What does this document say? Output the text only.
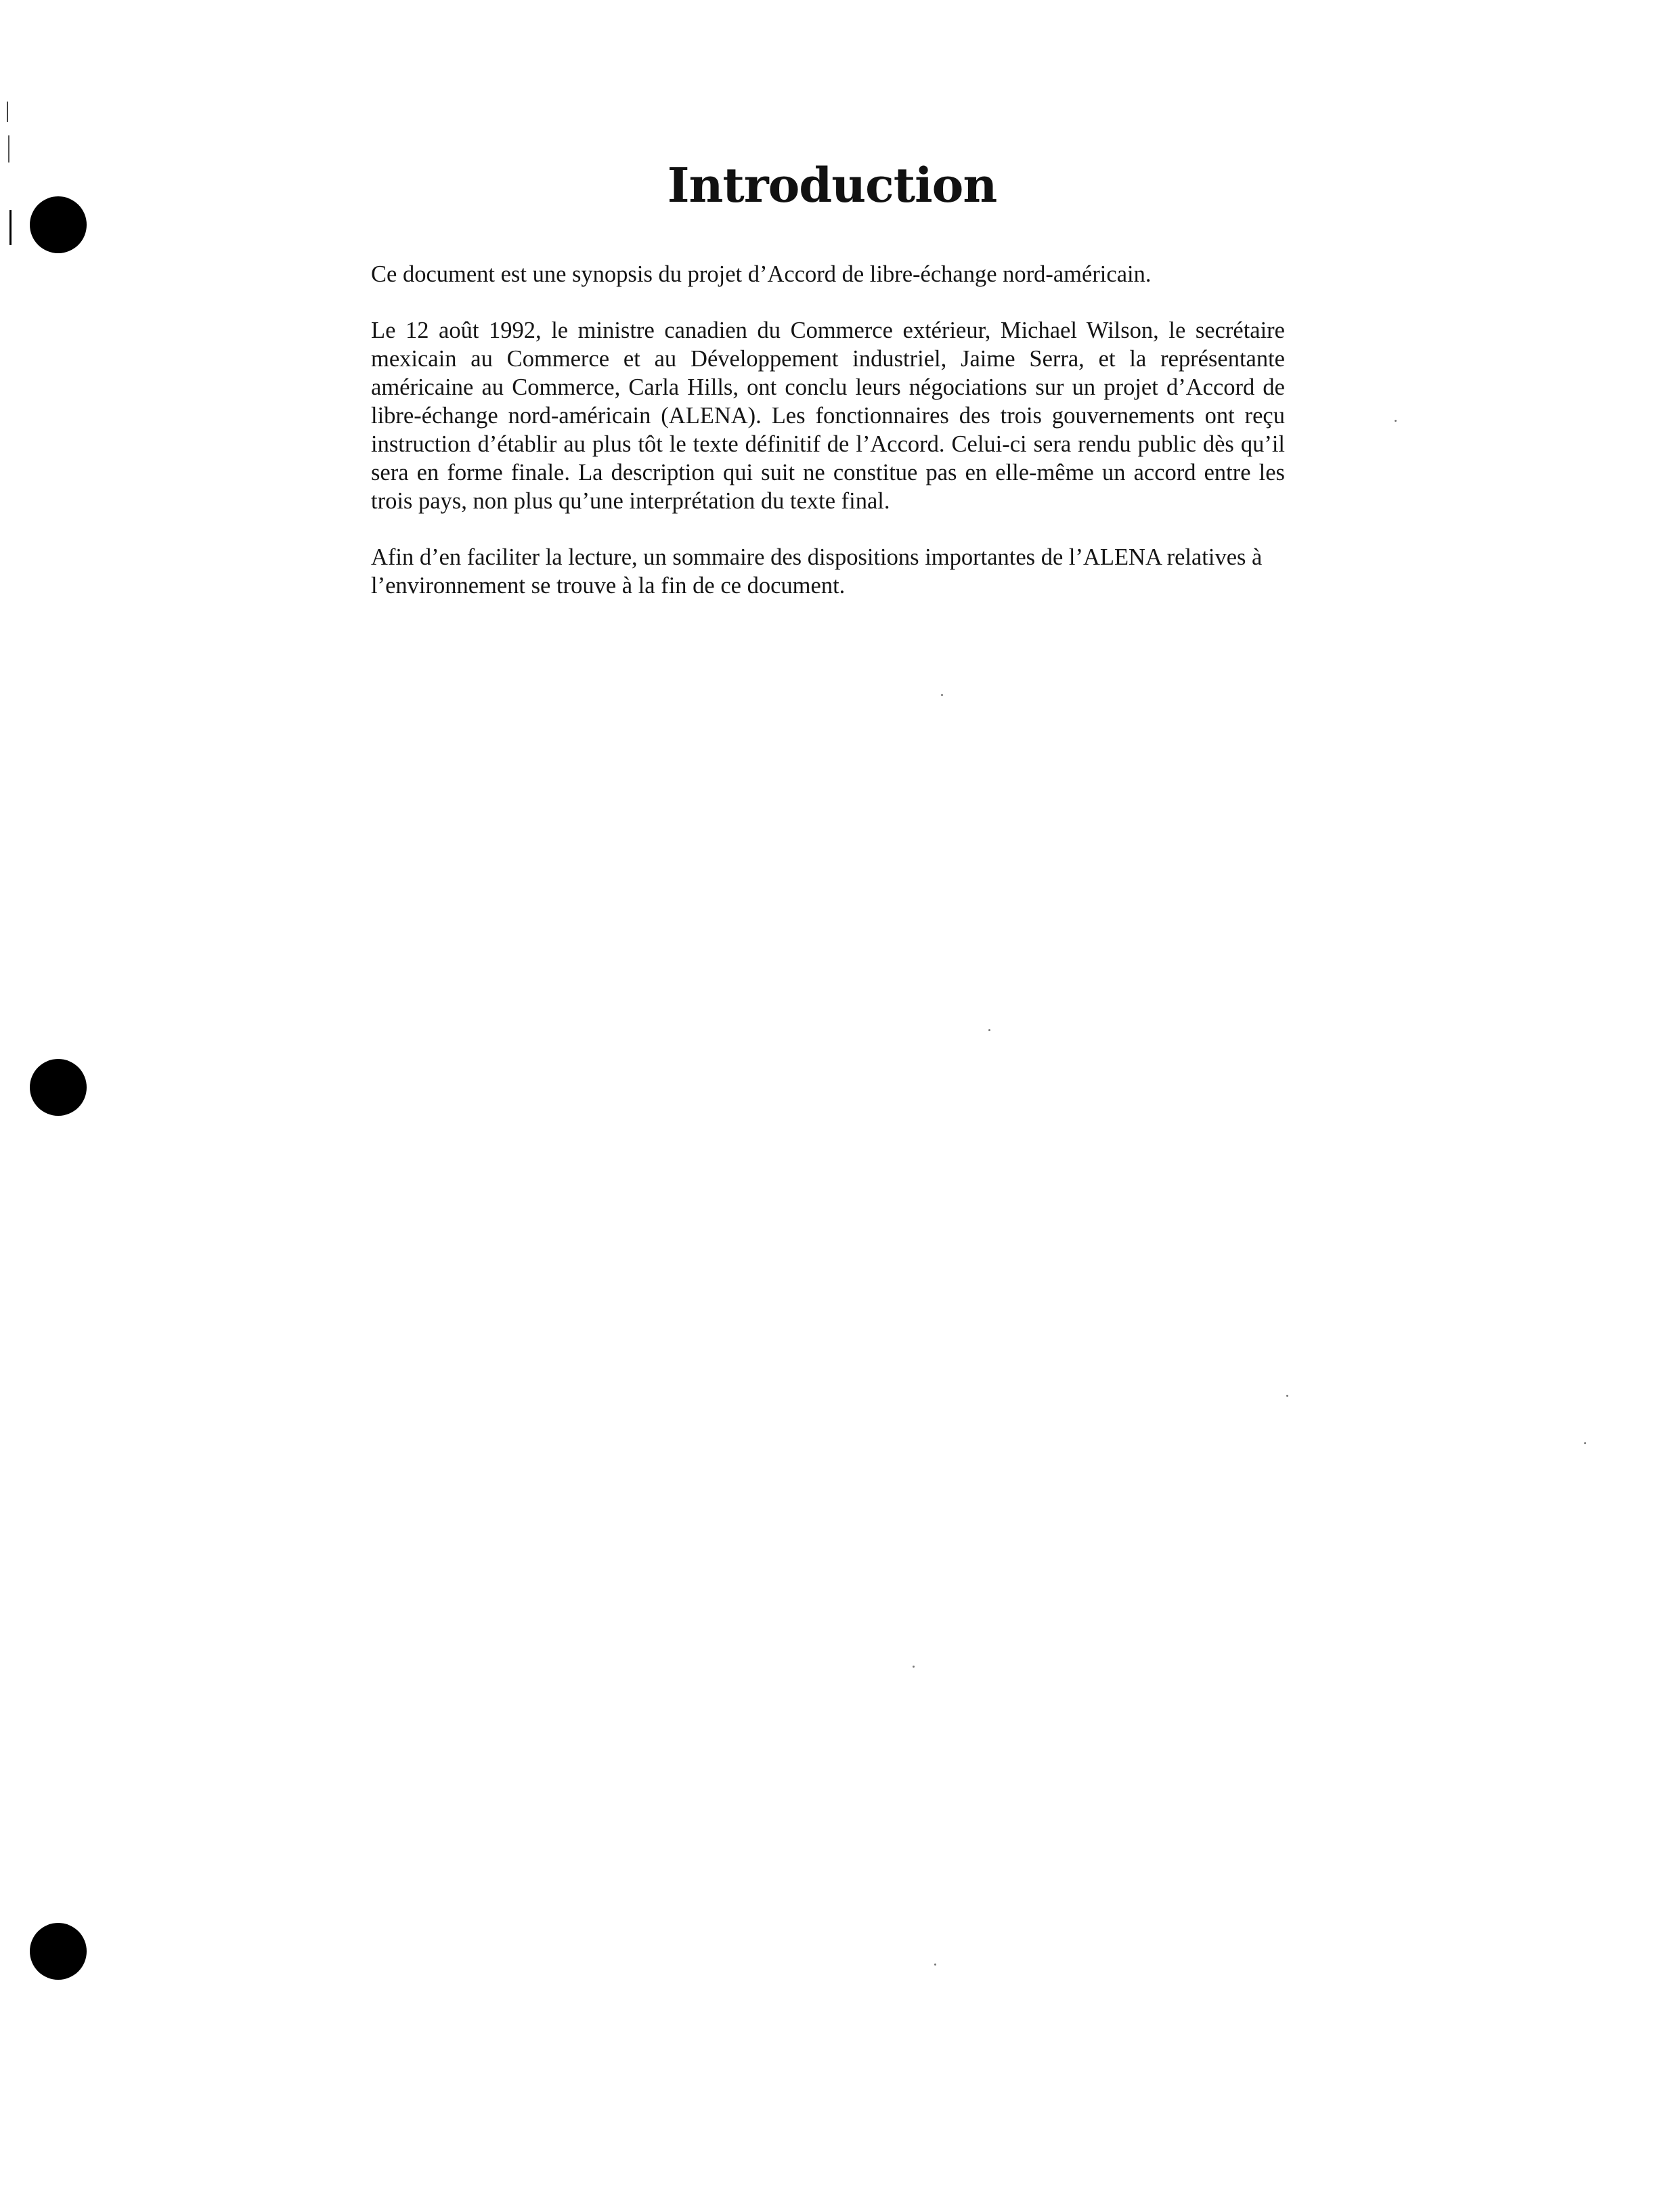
Introduction

Ce document est une synopsis du projet d’Accord de libre-échange nord-américain.

Le 12 août 1992, le ministre canadien du Commerce extérieur, Michael Wilson, le secrétaire mexicain au Commerce et au Développement industriel, Jaime Serra, et la représentante américaine au Commerce, Carla Hills, ont conclu leurs négociations sur un projet d’Accord de libre-échange nord-américain (ALENA). Les fonctionnaires des trois gouvernements ont reçu instruction d’établir au plus tôt le texte définitif de l’Accord. Celui-ci sera rendu public dès qu’il sera en forme finale. La description qui suit ne constitue pas en elle-même un accord entre les trois pays, non plus qu’une interprétation du texte final.

Afin d’en faciliter la lecture, un sommaire des dispositions importantes de l’ALENA relatives à l’environnement se trouve à la fin de ce document.
